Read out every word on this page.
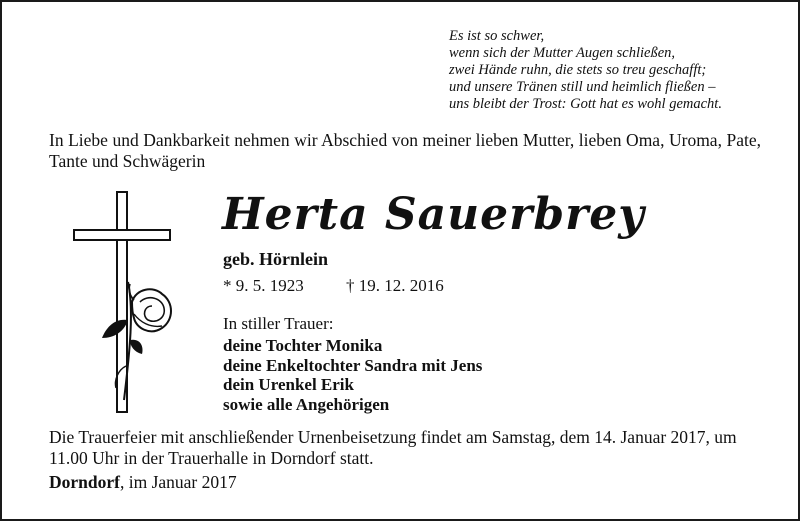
Es ist so schwer,
wenn sich der Mutter Augen schließen,
zwei Hände ruhn, die stets so treu geschafft;
und unsere Tränen still und heimlich fließen –
uns bleibt der Trost: Gott hat es wohl gemacht.
In Liebe und Dankbarkeit nehmen wir Abschied von meiner lieben Mutter, lieben Oma, Uroma, Pate, Tante und Schwägerin
Herta Sauerbrey
geb. Hörnlein
* 9. 5. 1923 † 19. 12. 2016
In stiller Trauer:
deine Tochter Monika
deine Enkeltochter Sandra mit Jens
dein Urenkel Erik
sowie alle Angehörigen
Die Trauerfeier mit anschließender Urnenbeisetzung findet am Samstag, dem 14. Januar 2017, um 11.00 Uhr in der Trauerhalle in Dorndorf statt.
Dorndorf, im Januar 2017
